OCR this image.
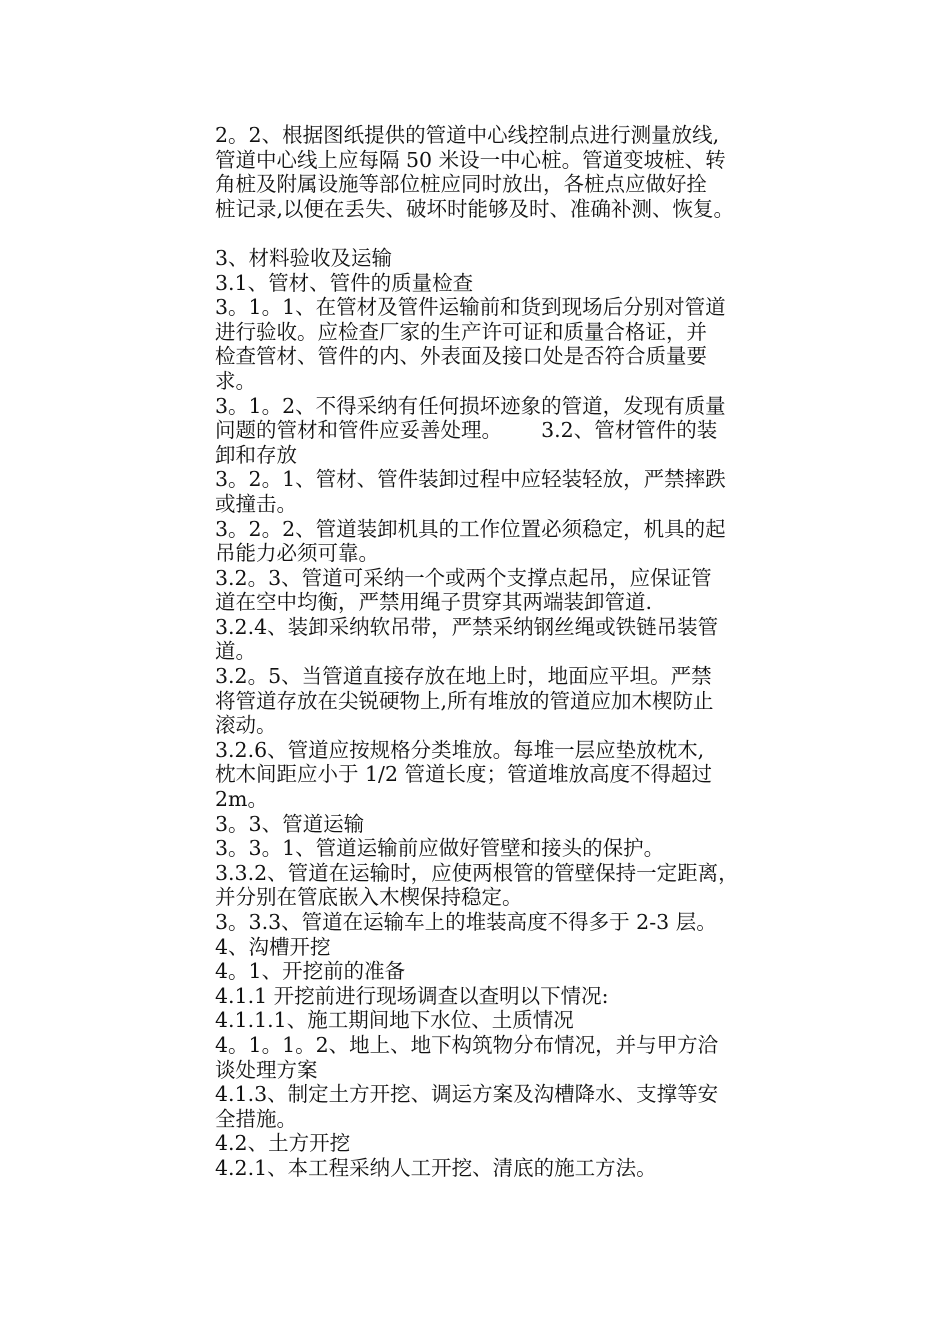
2。2、根据图纸提供的管道中心线控制点进行测量放线,
管道中心线上应每隔 50 米设一中心桩。管道变坡桩、转
角桩及附属设施等部位桩应同时放出，各桩点应做好拴
桩记录,以便在丢失、破坏时能够及时、准确补测、恢复。
3、材料验收及运输
3.1、管材、管件的质量检查
3。1。1、在管材及管件运输前和货到现场后分别对管道
进行验收。应检查厂家的生产许可证和质量合格证，并
检查管材、管件的内、外表面及接口处是否符合质量要
求。
3。1。2、不得采纳有任何损坏迹象的管道，发现有质量
问题的管材和管件应妥善处理。      3.2、管材管件的装
卸和存放
3。2。1、管材、管件装卸过程中应轻装轻放，严禁摔跌
或撞击。
3。2。2、管道装卸机具的工作位置必须稳定，机具的起
吊能力必须可靠。
3.2。3、管道可采纳一个或两个支撑点起吊，应保证管
道在空中均衡，严禁用绳子贯穿其两端装卸管道.
3.2.4、装卸采纳软吊带，严禁采纳钢丝绳或铁链吊装管
道。
3.2。5、当管道直接存放在地上时，地面应平坦。严禁
将管道存放在尖锐硬物上,所有堆放的管道应加木楔防止
滚动。
3.2.6、管道应按规格分类堆放。每堆一层应垫放枕木,
枕木间距应小于 1/2 管道长度；管道堆放高度不得超过
2m。
3。3、管道运输
3。3。1、管道运输前应做好管壁和接头的保护。
3.3.2、管道在运输时，应使两根管的管壁保持一定距离，
并分别在管底嵌入木楔保持稳定。
3。3.3、管道在运输车上的堆装高度不得多于 2-3 层。
4、沟槽开挖
4。1、开挖前的准备
4.1.1 开挖前进行现场调查以查明以下情况:
4.1.1.1、施工期间地下水位、土质情况
4。1。1。2、地上、地下构筑物分布情况，并与甲方洽
谈处理方案
4.1.3、制定土方开挖、调运方案及沟槽降水、支撑等安
全措施。
4.2、土方开挖
4.2.1、本工程采纳人工开挖、清底的施工方法。
